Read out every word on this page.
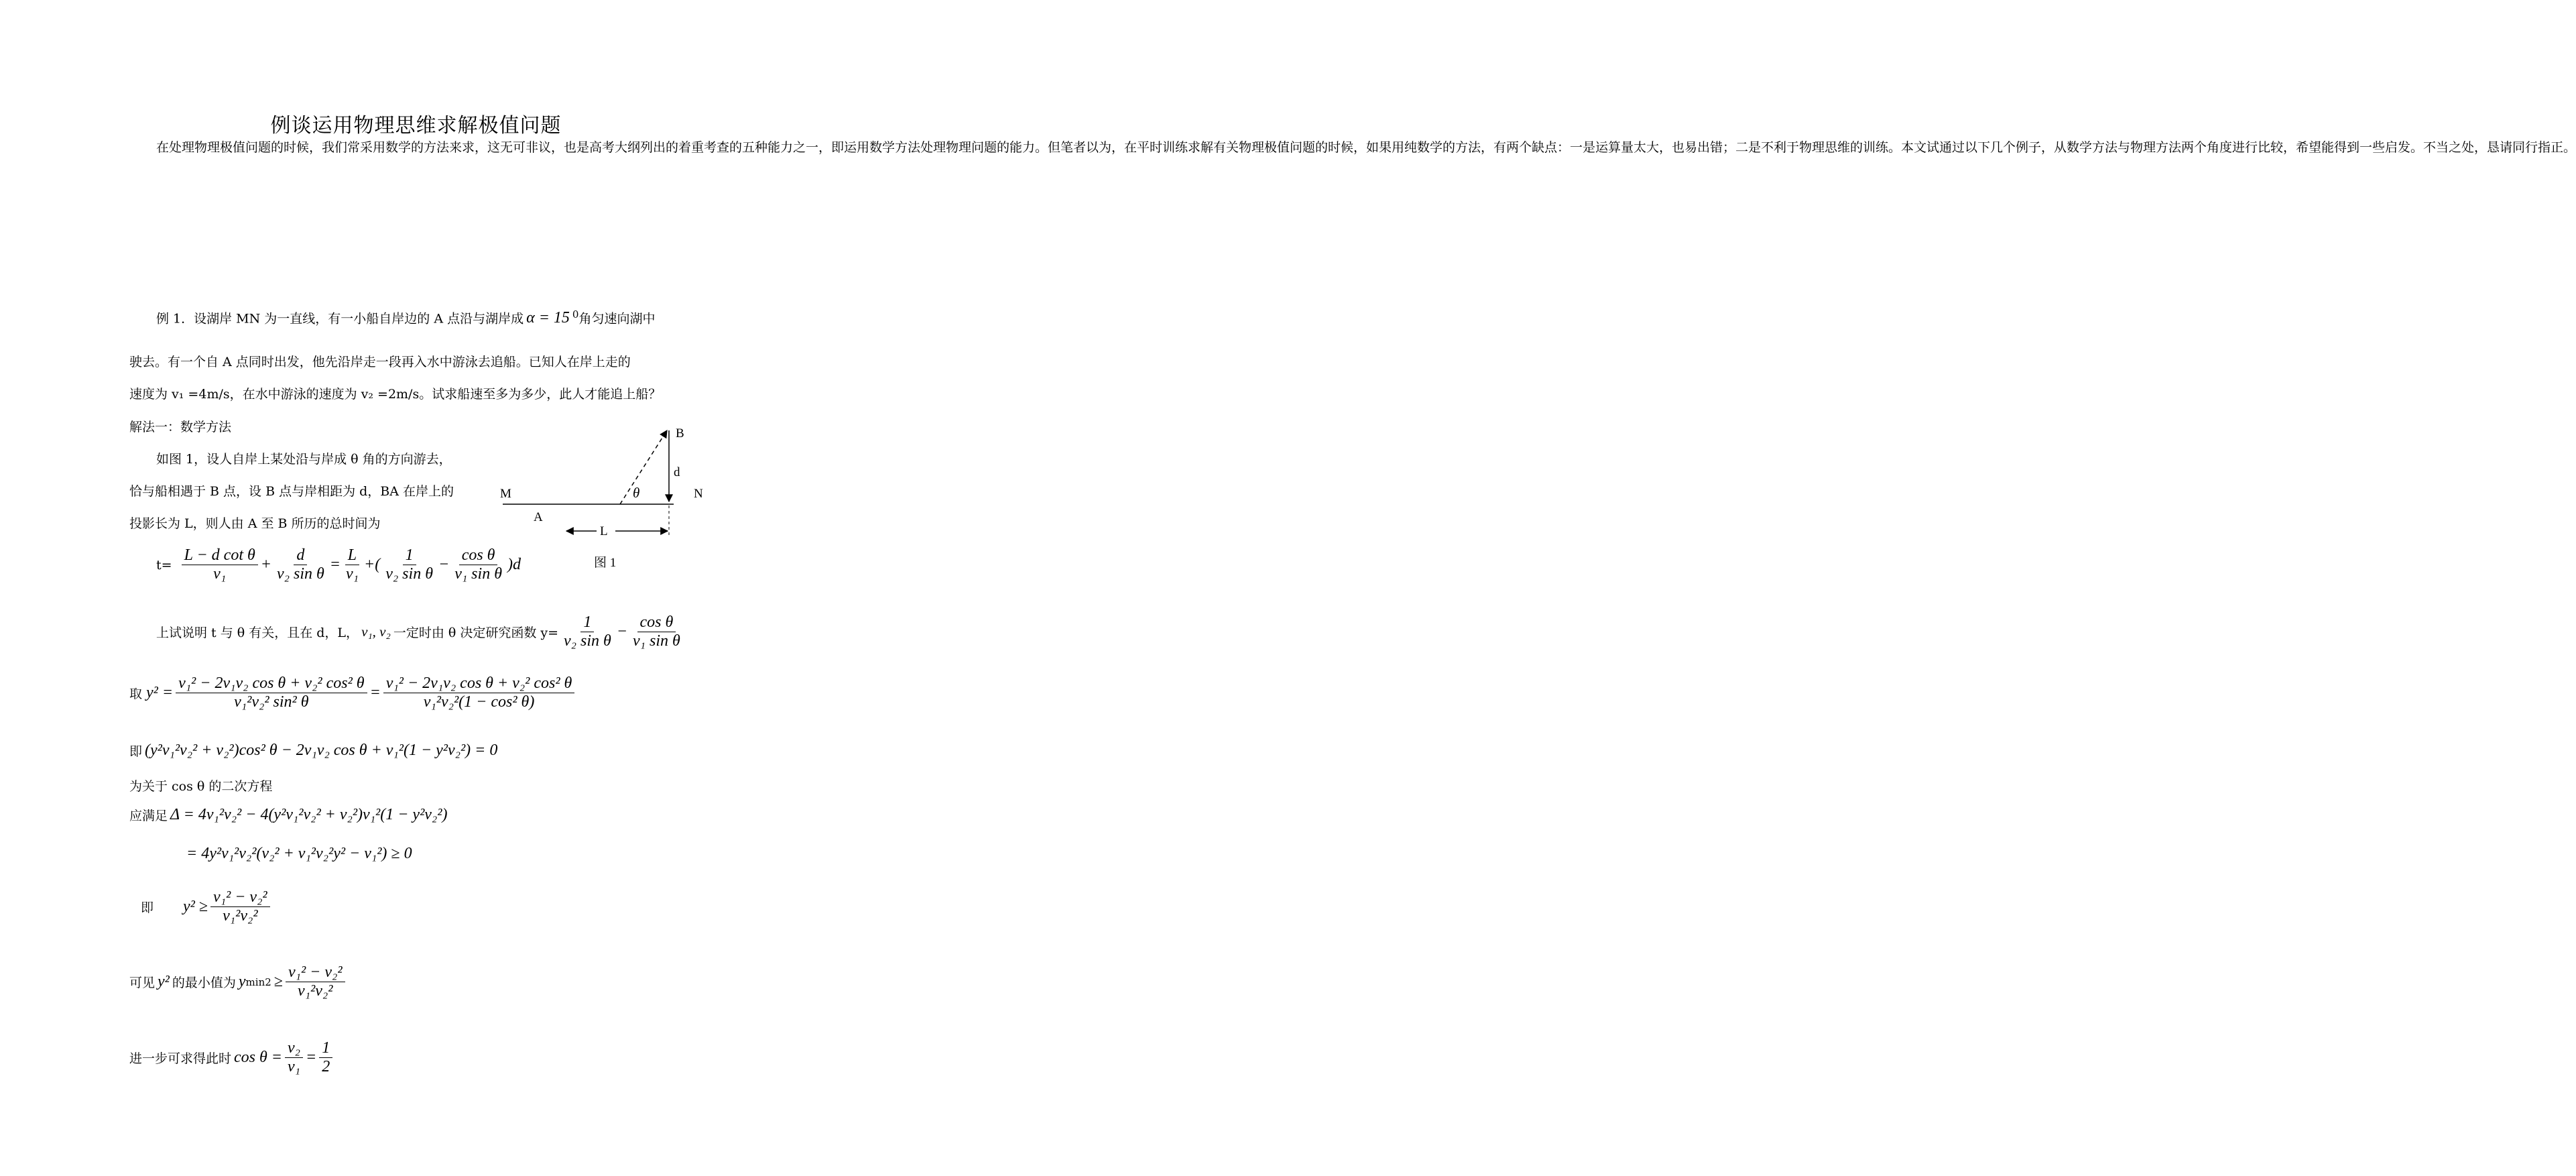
例谈运用物理思维求解极值问题
在处理物理极值问题的时候，我们常采用数学的方法来求，这无可非议，也是高考大纲列出的着重考查的五种能力之一，即运用数学方法处理物理问题的能力。但笔者以为，在平时训练求解有关物理极值问题的时候，如果用纯数学的方法，有两个缺点：一是运算量太大，也易出错；二是不利于物理思维的训练。本文试通过以下几个例子，从数学方法与物理方法两个角度进行比较，希望能得到一些启发。不当之处，恳请同行指正。
例 1．设湖岸 MN 为一直线，有一小船自岸边的 A 点沿与湖岸成 α = 15 $^0$角匀速向湖中
驶去。有一个自 A 点同时出发，他先沿岸走一段再入水中游泳去追船。已知人在岸上走的
速度为 v₁ =4m/s，在水中游泳的速度为 v₂ =2m/s。试求船速至多为多少，此人才能追上船？
解法一：数学方法
如图 1，设人自岸上某处沿与岸成 θ 角的方向游去，
恰与船相遇于 B 点，设 B 点与岸相距为 d，BA 在岸上的
投影长为 L，则人由 A 至 B 所历的总时间为
B
d
M	N
θ
A
L
图 1
$t= \frac{\text{L − d cot θ}}{\text{v₁}} + \frac{d}{\text{v₂ sin θ}} = \frac{L}{\text{v₁}}$ + ( $\frac{1}{\text{v₂ sin θ}} - \frac{\text{cos θ}}{\text{v₁ sin θ}} )d$
上试说明 t 与 θ 有关，且在 d，L， v₁, v₂ 一定时由 θ 决定研究函数 $y= \frac{1}{\text{v₂ sin θ}} - \frac{\text{cos θ}}{\text{v₁ sin θ}}$
取 $y^2 = \frac{\text{v₁² − 2v₁v₂ cos θ + v₂² cos² θ}}{\text{v₁²v₂² sin² θ}} = \frac{\text{v₁² − 2v₁v₂ cos θ + v₂² cos² θ}}{\text{v₁²v₂²(1 − cos² θ)}}$
即 (y²v₁²v₂² + v₂²)cos² θ − 2v₁v₂ cos θ + v₁²(1 − y²v₂²) = 0
为关于 cos θ 的二次方程
应满足 Δ = 4v₁²v₂² − 4(y²v₁²v₂² + v₂²)v₁²(1 − y²v₂²)
= 4y²v₁²v₂²(v₂² + v₁²v₂²y² − v₁²) ≥ 0
即 $y^2 \ge \frac{\text{v₁² − v₂²}}{\text{v₁²v₂²}}$
可见 y² 的最小值为 y $\min 2 \ge \frac{\text{v₁² − v₂²}}{\text{v₁²v₂²}}$
进一步可求得此时 $\cos \theta = \frac{\text{v₂}}{\text{v₁}} = \frac{1}{2}$
